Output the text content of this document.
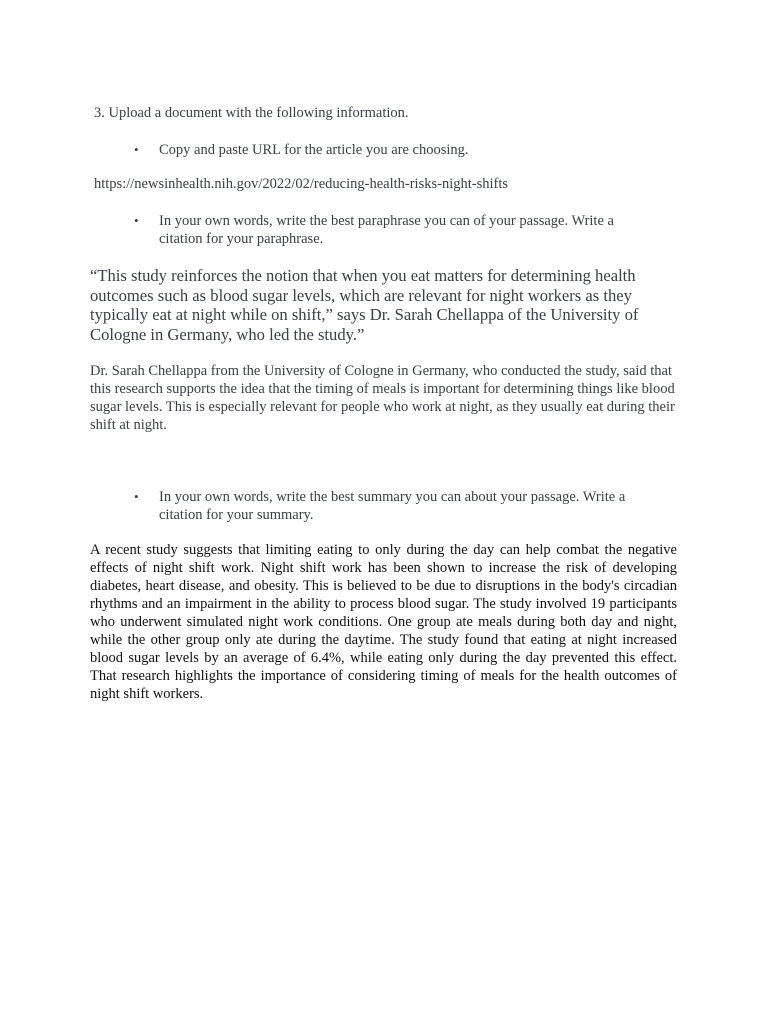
3. Upload a document with the following information.

• Copy and paste URL for the article you are choosing.

https://newsinhealth.nih.gov/2022/02/reducing-health-risks-night-shifts

• In your own words, write the best paraphrase you can of your passage. Write a citation for your paraphrase.

“This study reinforces the notion that when you eat matters for determining health outcomes such as blood sugar levels, which are relevant for night workers as they typically eat at night while on shift,” says Dr. Sarah Chellappa of the University of Cologne in Germany, who led the study.”

Dr. Sarah Chellappa from the University of Cologne in Germany, who conducted the study, said that this research supports the idea that the timing of meals is important for determining things like blood sugar levels. This is especially relevant for people who work at night, as they usually eat during their shift at night.

• In your own words, write the best summary you can about your passage. Write a citation for your summary.

A recent study suggests that limiting eating to only during the day can help combat the negative effects of night shift work. Night shift work has been shown to increase the risk of developing diabetes, heart disease, and obesity. This is believed to be due to disruptions in the body's circadian rhythms and an impairment in the ability to process blood sugar. The study involved 19 participants who underwent simulated night work conditions. One group ate meals during both day and night, while the other group only ate during the daytime. The study found that eating at night increased blood sugar levels by an average of 6.4%, while eating only during the day prevented this effect. That research highlights the importance of considering timing of meals for the health outcomes of night shift workers.
